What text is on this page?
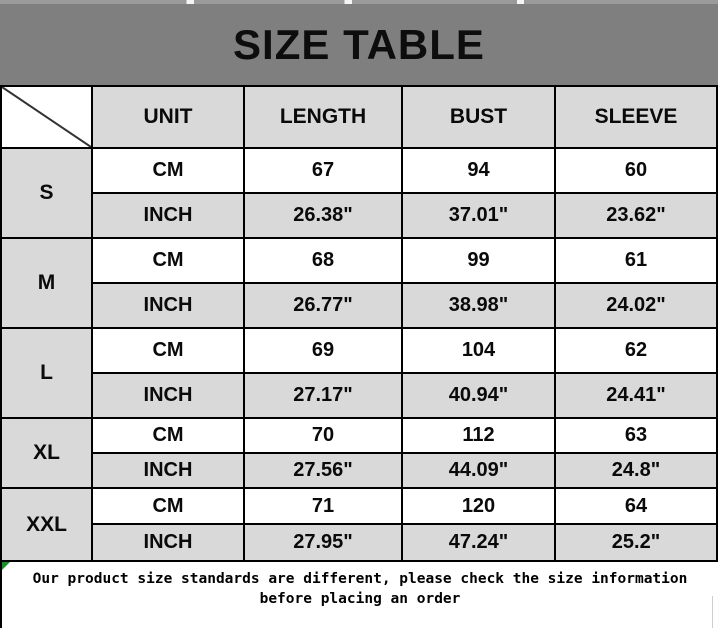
SIZE TABLE
UNIT	LENGTH	BUST	SLEEVE
S
CM	67	94	60
INCH	26.38"	37.01"	23.62"
M
CM	68	99	61
INCH	26.77"	38.98"	24.02"
L
CM	69	104	62
INCH	27.17"	40.94"	24.41"
XL
CM	70	112	63
INCH	27.56"	44.09"	24.8"
XXL
CM	71	120	64
INCH	27.95"	47.24"	25.2"
Our product size standards are different, please check the size information
before placing an order
